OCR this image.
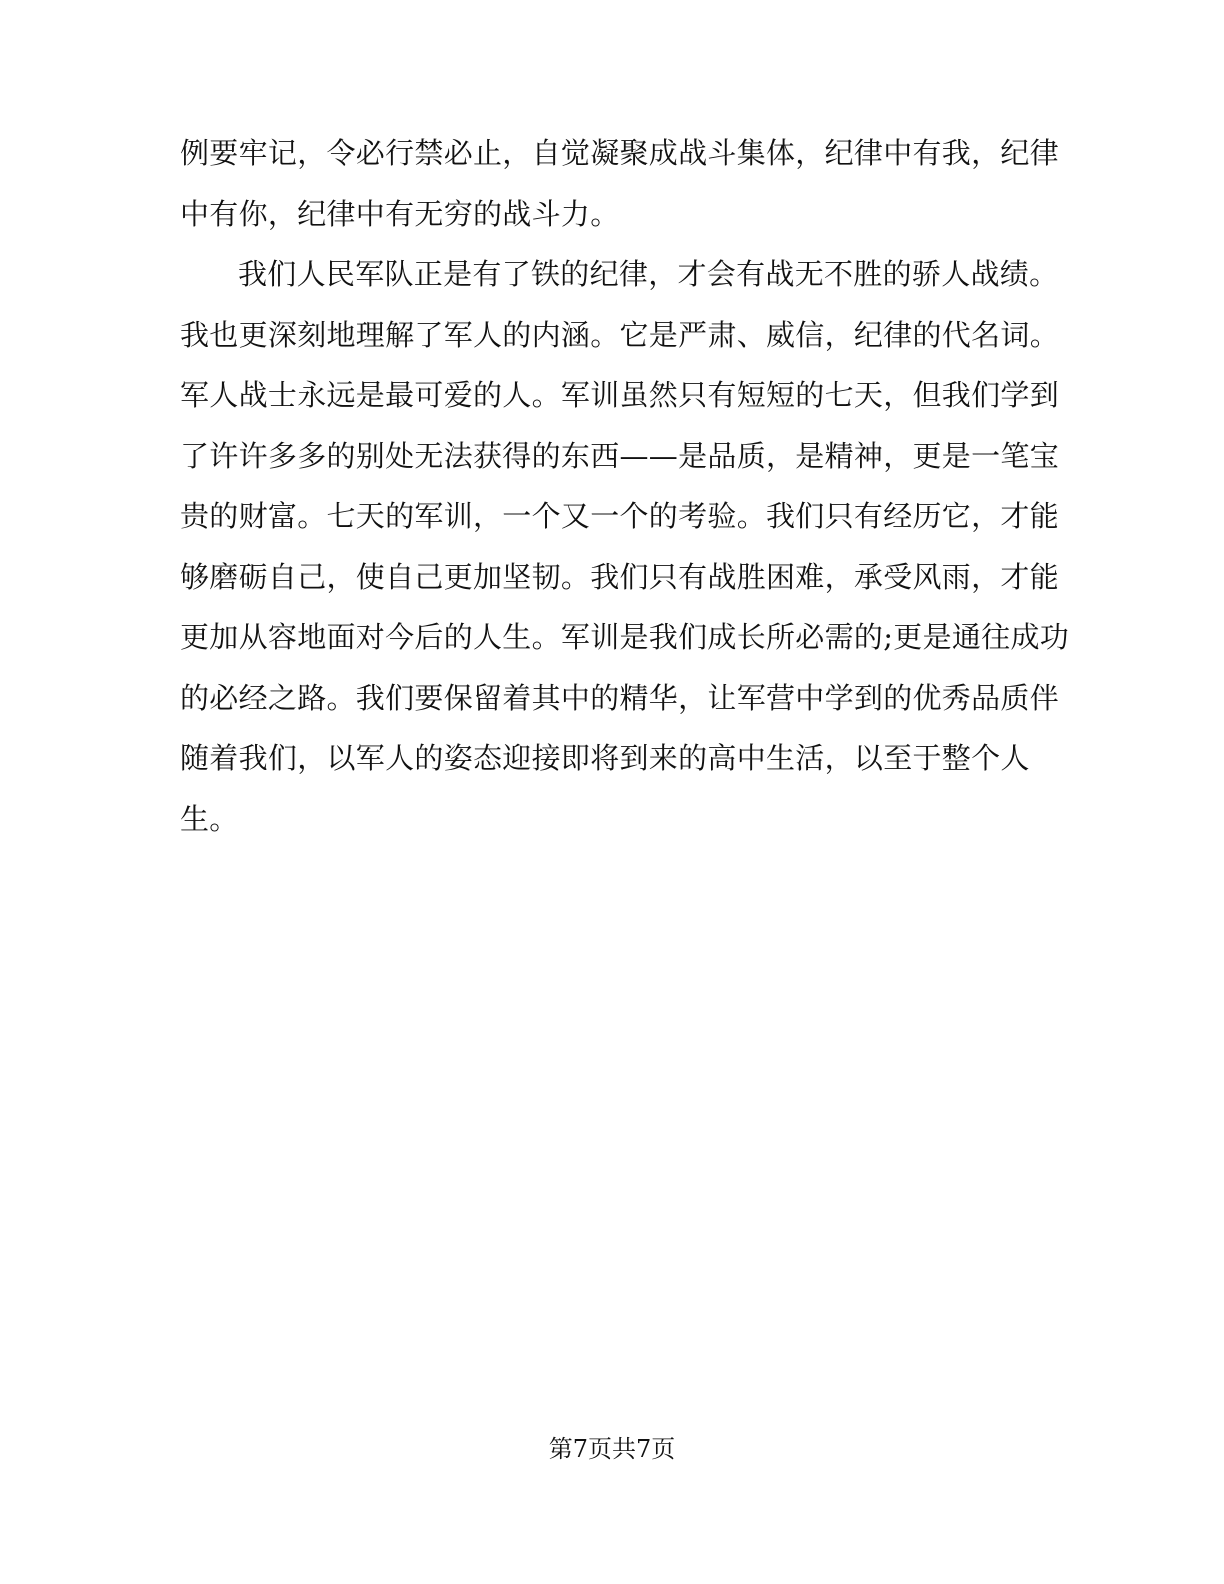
例要牢记，令必行禁必止，自觉凝聚成战斗集体，纪律中有我，纪律
中有你，纪律中有无穷的战斗力。
我们人民军队正是有了铁的纪律，才会有战无不胜的骄人战绩。
我也更深刻地理解了军人的内涵。它是严肃、威信，纪律的代名词。
军人战士永远是最可爱的人。军训虽然只有短短的七天，但我们学到
了许许多多的别处无法获得的东西——是品质，是精神，更是一笔宝
贵的财富。七天的军训，一个又一个的考验。我们只有经历它，才能
够磨砺自己，使自己更加坚韧。我们只有战胜困难，承受风雨，才能
更加从容地面对今后的人生。军训是我们成长所必需的;更是通往成功
的必经之路。我们要保留着其中的精华，让军营中学到的优秀品质伴
随着我们，以军人的姿态迎接即将到来的高中生活，以至于整个人
生。
第7页共7页
